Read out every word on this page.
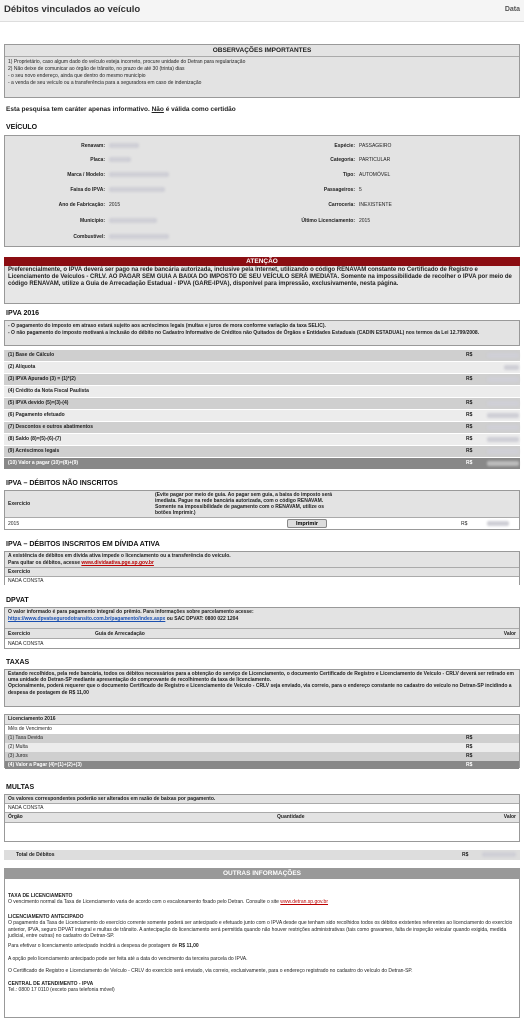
Débitos vinculados ao veículo	Data
OBSERVAÇÕES IMPORTANTES
1) Proprietário, caso algum dado do veículo esteja incorreto, procure unidade do Detran para regularização
2) Não deixe de comunicar ao órgão de trânsito, no prazo de até 30 (trinta) dias
- o seu novo endereço, ainda que dentro do mesmo município
- a venda de seu veículo ou a transferência para a seguradora em caso de indenização
Esta pesquisa tem caráter apenas informativo. Não é válida como certidão
VEÍCULO
Renavam:
Placa:
Marca / Modelo:
Faixa do IPVA:
Ano de Fabricação: 2015
Município:
Combustível:
Espécie: PASSAGEIRO
Categoria: PARTICULAR
Tipo: AUTOMÓVEL
Passageiros: 5
Carroceria: INEXISTENTE
Último Licenciamento: 2015
ATENÇÃO
Preferencialmente, o IPVA deverá ser pago na rede bancária autorizada, inclusive pela Internet, utilizando o código RENAVAM constante no Certificado de Registro e Licenciamento de Veículos - CRLV. AO PAGAR SEM GUIA A BAIXA DO IMPOSTO DE SEU VEÍCULO SERÁ IMEDIATA. Somente na impossibilidade de recolher o IPVA por meio de código RENAVAM, utilize a Guia de Arrecadação Estadual - IPVA (GARE-IPVA), disponível para impressão, exclusivamente, nesta página.
IPVA 2016
- O pagamento do imposto em atraso estará sujeito aos acréscimos legais (multas e juros de mora conforme variação da taxa SELIC).
- O não pagamento do imposto motivará a inclusão do débito no Cadastro Informativo de Créditos não Quitados de Órgãos e Entidades Estaduais (CADIN ESTADUAL) nos termos da Lei 12.799/2008.
(1) Base de Cálculo	R$
(2) Alíquota
(3) IPVA Apurado (3) = (1)*(2)	R$
(4) Crédito da Nota Fiscal Paulista
(5) IPVA devido (5)=(3)-(4)	R$
(6) Pagamento efetuado	R$
(7) Descontos e outros abatimentos	R$
(8) Saldo (8)=(5)-(6)-(7)	R$
(9) Acréscimos legais	R$
(10) Valor a pagar (10)=(8)+(9)	R$
IPVA – DÉBITOS NÃO INSCRITOS
Exercício
(Evite pagar por meio de guia. Ao pagar sem guia, a baixa do imposto será imediata. Pague na rede bancária autorizada, com o código RENAVAM. Somente na impossibilidade de pagamento com o RENAVAM, utilize os botões Imprimir.)
2015	Imprimir	R$
IPVA – DÉBITOS INSCRITOS EM DÍVIDA ATIVA
A existência de débitos em dívida ativa impede o licenciamento ou a transferência do veículo.
Para quitar os débitos, acesse www.dividaativa.pge.sp.gov.br
Exercício
NADA CONSTA
DPVAT
O valor informado é para pagamento integral do prêmio. Para informações sobre parcelamento acesse:
https://www.dpvatsegurodotransito.com.br/pagamento/index.aspx ou SAC DPVAT: 0800 022 1204
Exercício	Guia de Arrecadação	Valor
NADA CONSTA
TAXAS
Estando recolhidos, pela rede bancária, todos os débitos necessários para a obtenção do serviço de Licenciamento, o documento Certificado de Registro e Licenciamento de Veículo - CRLV deverá ser retirado em uma unidade do Detran-SP mediante apresentação do comprovante de recolhimento da taxa de licenciamento.
Opcionalmente, poderá requerer que o documento Certificado de Registro e Licenciamento de Veículo - CRLV seja enviado, via correio, para o endereço constante no cadastro do veículo no Detran-SP incidindo a despesa de postagem de R$ 11,00
Licenciamento 2016
Mês de Vencimento
(1) Taxa Devida	R$
(2) Multa	R$
(3) Juros	R$
(4) Valor a Pagar (4)=(1)+(2)+(3)	R$
MULTAS
Os valores correspondentes poderão ser alterados em razão de baixas por pagamento.
NADA CONSTA
Órgão	Quantidade	Valor
Total de Débitos	R$
OUTRAS INFORMAÇÕES
TAXA DE LICENCIAMENTO
O vencimento normal da Taxa de Licenciamento varia de acordo com o escalonamento fixado pelo Detran. Consulte o site www.detran.sp.gov.br
LICENCIAMENTO ANTECIPADO
O pagamento da Taxa de Licenciamento do exercício corrente somente poderá ser antecipado e efetuado junto com o IPVA desde que tenham sido recolhidos todos os débitos existentes referentes ao licenciamento do exercício anterior, IPVA, seguro DPVAT integral e multas de trânsito. A antecipação do licenciamento será permitida quando não houver restrições administrativas (tais como gravames, falta de inspeção veicular quando exigida, medida judicial, entre outras) no cadastro do Detran-SP.
Para efetivar o licenciamento antecipado incidirá a despesa de postagem de R$ 11,00
A opção pelo licenciamento antecipado pode ser feita até a data do vencimento da terceira parcela do IPVA.
O Certificado de Registro e Licenciamento de Veículo - CRLV do exercício será enviado, via correio, exclusivamente, para o endereço registrado no cadastro do veículo do Detran-SP.
CENTRAL DE ATENDIMENTO - IPVA
Tel.: 0800 17 0110 (exceto para telefonia móvel)
